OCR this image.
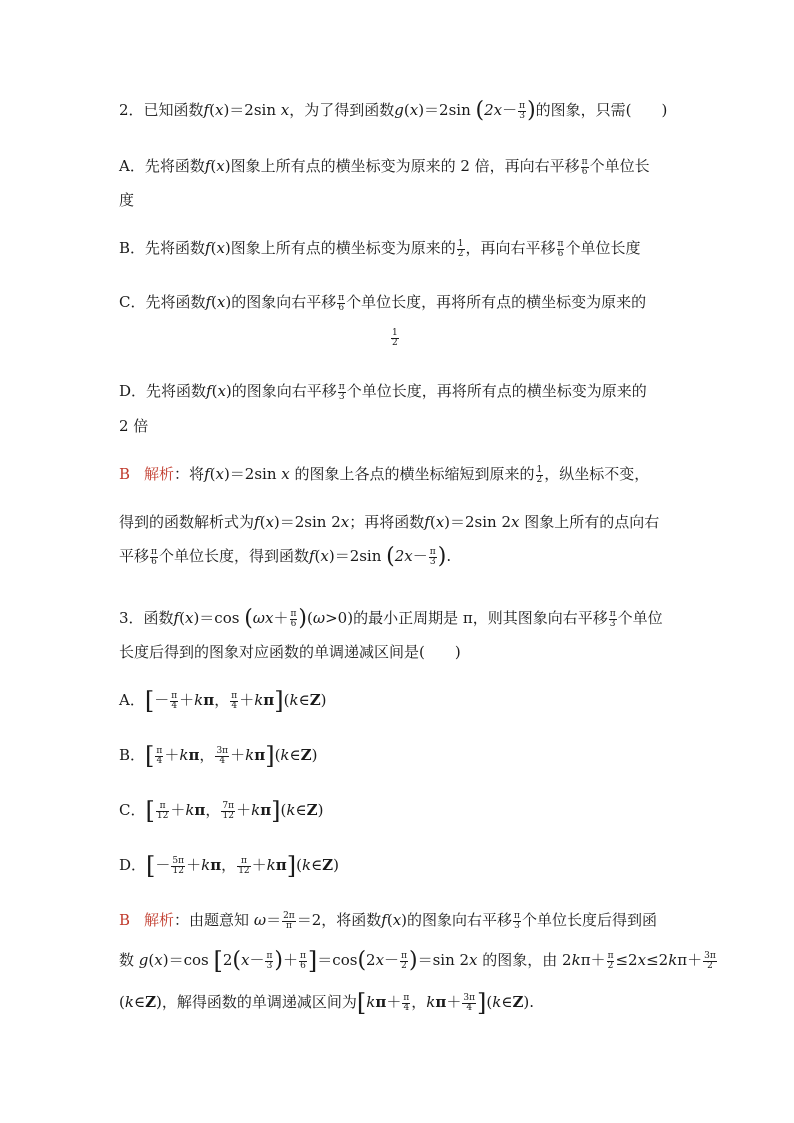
2．已知函数f(x)＝2sin x，为了得到函数g(x)＝2sin ($2x- \frac{\pi}{3}$ )的图象，只需(　　)
A．先将函数f(x)图象上所有点的横坐标变为原来的 2 倍，再向右平移 $\frac{\pi}{6}$ 个单位长
度
B．先将函数f(x)图象上所有点的横坐标变为原来的 $\frac{1}{2}$ ，再向右平移 $\frac{\pi}{6}$ 个单位长度
C．先将函数f(x)的图象向右平移 $\frac{\pi}{6}$ 个单位长度，再将所有点的横坐标变为原来的
$\frac{1}{2}$
D．先将函数f(x)的图象向右平移 $\frac{\pi}{3}$ 个单位长度，再将所有点的横坐标变为原来的
2 倍
B 解析：将f(x)＝2sin x 的图象上各点的横坐标缩短到原来的 $\frac{1}{2}$ ，纵坐标不变，
得到的函数解析式为f(x)＝2sin 2x；再将函数f(x)＝2sin 2x 图象上所有的点向右
平移 $\frac{\pi}{6}$ 个单位长度，得到函数f(x)＝2sin ($2x- \frac{\pi}{3}$ ).
3．函数f(x)＝cos $(\omega x+ \frac{\pi}{6} )(\omega>0)$的最小正周期是 π，则其图象向右平移 $\frac{\pi}{3}$ 个单位
长度后得到的图象对应函数的单调递减区间是(　　)
A．[－ $\frac{\pi}{4} +k\pi$， $\frac{\pi}{4}$ ＋kπ](k∈Z)
B．[ $\frac{\pi}{4} +k\pi$， $\frac{3\pi}{4}$ ＋kπ](k∈Z)
C．[ $\frac{\pi}{12} +k\pi$， $\frac{7\pi}{12}$ ＋kπ](k∈Z)
D．[－ $\frac{5\pi}{12} +k\pi$， $\frac{\pi}{12}$ ＋kπ](k∈Z)
B 解析：由题意知 $\omega= \frac{2\pi}{\pi} =2$，将函数f(x)的图象向右平移 $\frac{\pi}{3}$ 个单位长度后得到函
数 g(x)＝cos [$2(x- \frac{\pi}{3}$ )＋ $\frac{\pi}{6} ]=\cos(2x- \frac{\pi}{2} )=\sin$ 2x 的图象，由 $2k\pi+ \frac{\pi}{2} \le 2x\le 2k\pi+ \frac{3\pi}{2}$
(k∈Z)，解得函数的单调递减区间为[$k\pi+ \frac{\pi}{4}$ ，$k\pi+ \frac{3\pi}{4}$ ](k∈Z).
